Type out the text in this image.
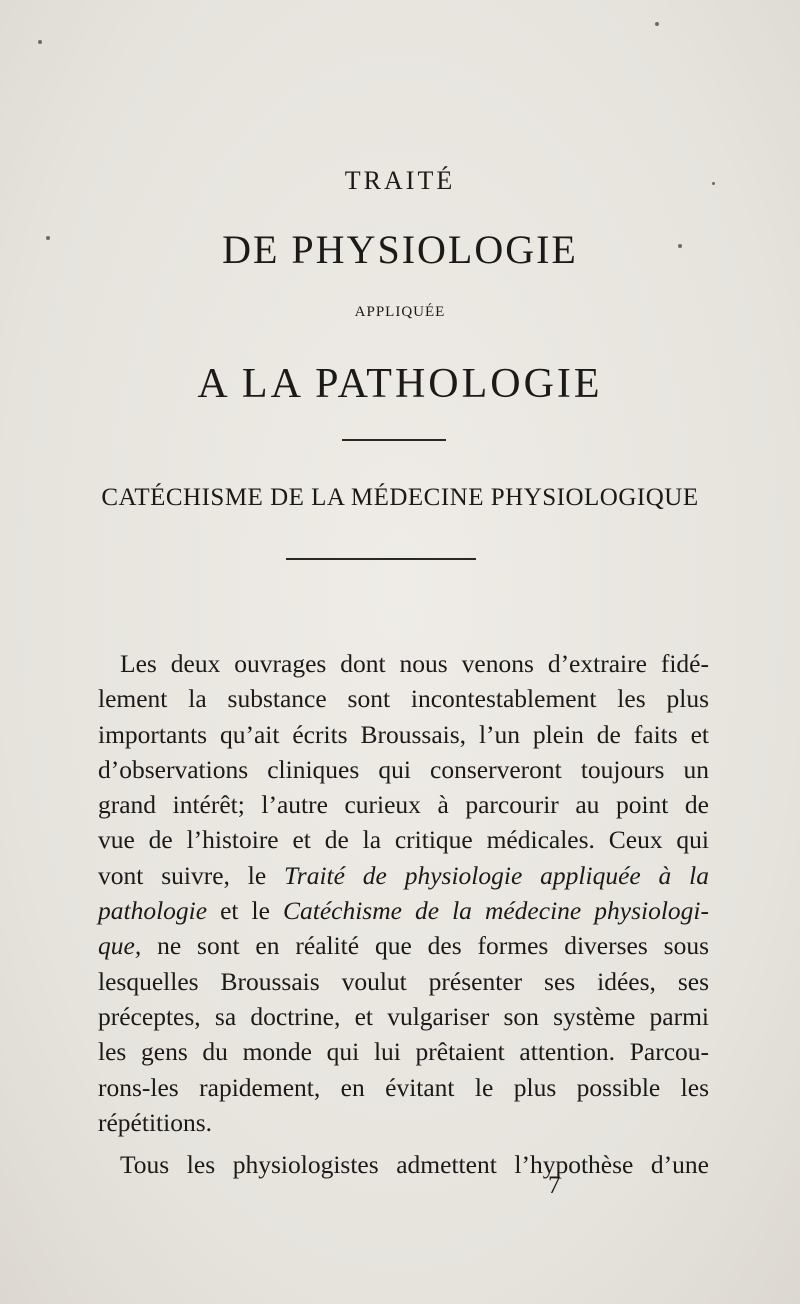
TRAITÉ
DE PHYSIOLOGIE
APPLIQUÉE
A LA PATHOLOGIE
CATÉCHISME DE LA MÉDECINE PHYSIOLOGIQUE
Les deux ouvrages dont nous venons d’extraire fidé-
lement la substance sont incontestablement les plus
importants qu’ait écrits Broussais, l’un plein de faits et
d’observations cliniques qui conserveront toujours un
grand intérêt; l’autre curieux à parcourir au point de
vue de l’histoire et de la critique médicales. Ceux qui
vont suivre, le Traité de physiologie appliquée à la
pathologie et le Catéchisme de la médecine physiologi-
que, ne sont en réalité que des formes diverses sous
lesquelles Broussais voulut présenter ses idées, ses
préceptes, sa doctrine, et vulgariser son système parmi
les gens du monde qui lui prêtaient attention. Parcou-
rons-les rapidement, en évitant le plus possible les
répétitions.
Tous les physiologistes admettent l’hypothèse d’une
7
